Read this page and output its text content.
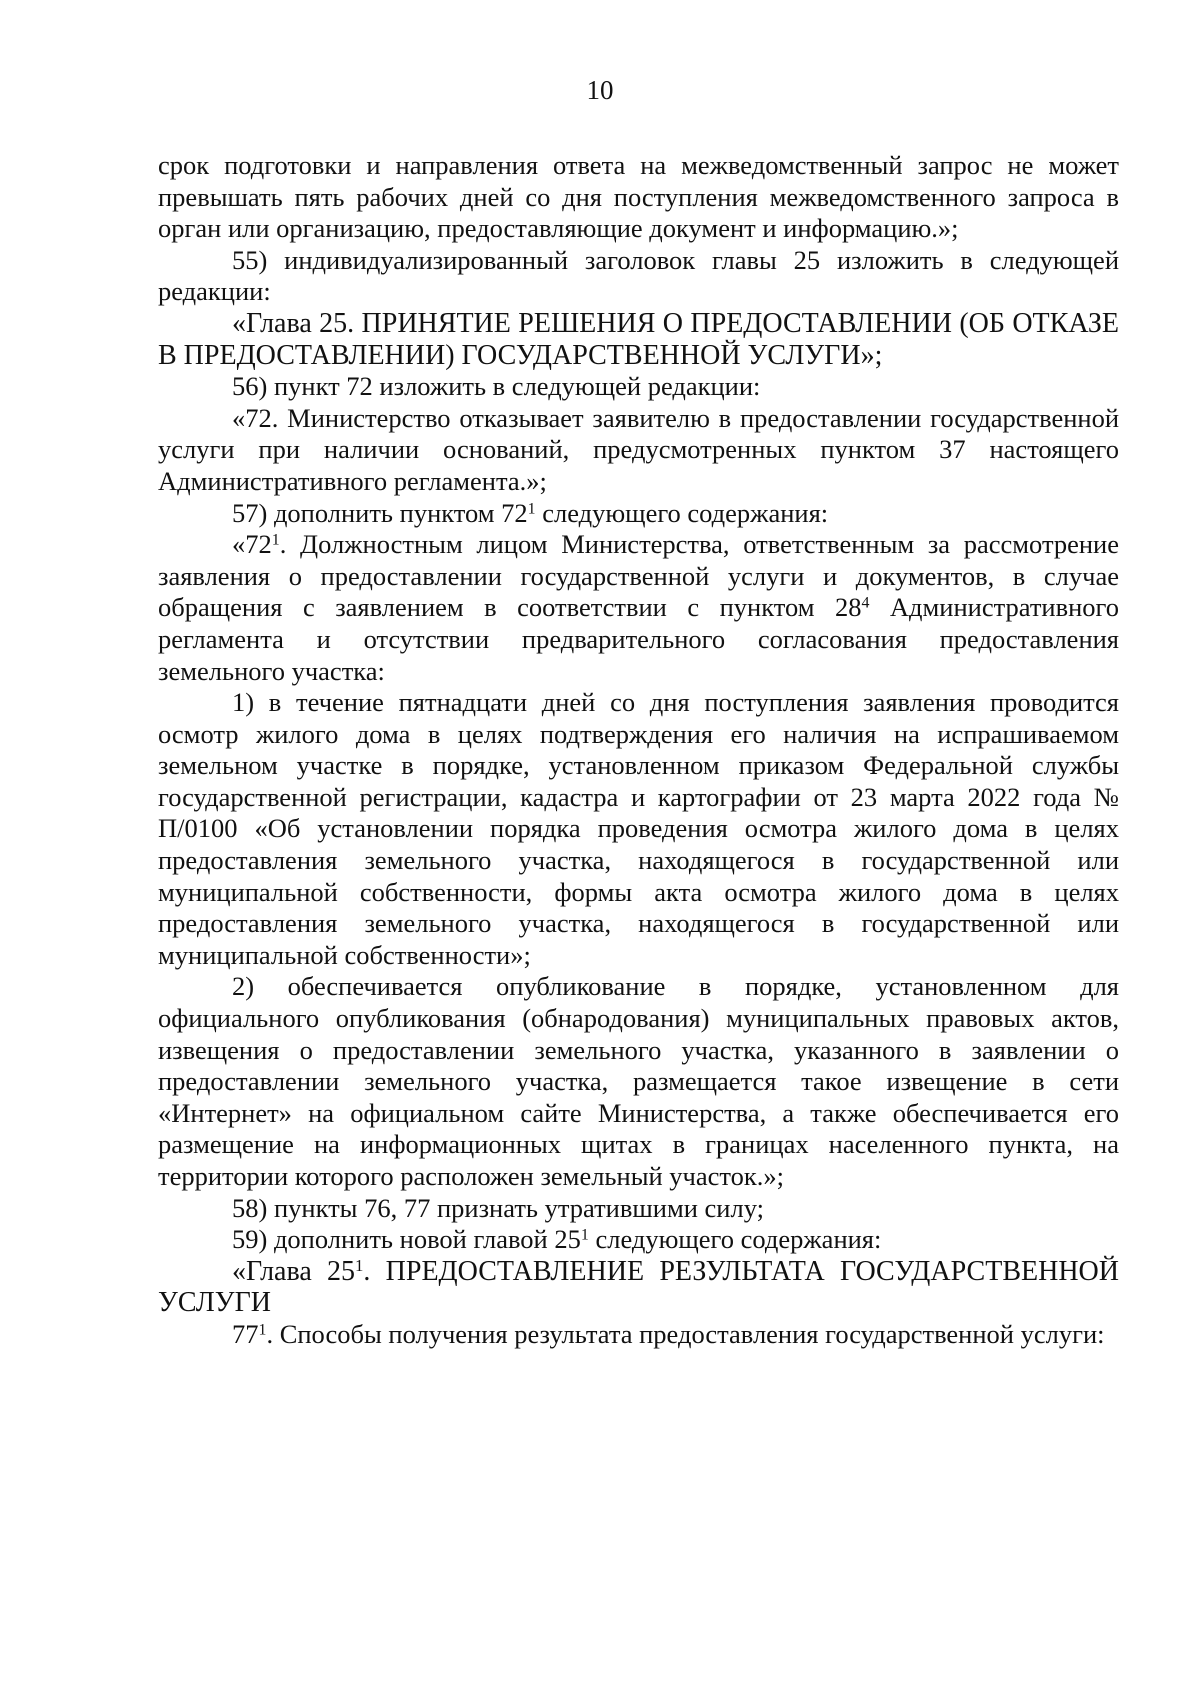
10

срок подготовки и направления ответа на межведомственный запрос не может превышать пять рабочих дней со дня поступления межведомственного запроса в орган или организацию, предоставляющие документ и информацию.»;

55) индивидуализированный заголовок главы 25 изложить в следующей редакции:

«Глава 25. ПРИНЯТИЕ РЕШЕНИЯ О ПРЕДОСТАВЛЕНИИ (ОБ ОТКАЗЕ В ПРЕДОСТАВЛЕНИИ) ГОСУДАРСТВЕННОЙ УСЛУГИ»;

56) пункт 72 изложить в следующей редакции:

«72. Министерство отказывает заявителю в предоставлении государственной услуги при наличии оснований, предусмотренных пунктом 37 настоящего Административного регламента.»;

57) дополнить пунктом $72^1$ следующего содержания:

«$72^1$. Должностным лицом Министерства, ответственным за рассмотрение заявления о предоставлении государственной услуги и документов, в случае обращения с заявлением в соответствии с пунктом $28^4$ Административного регламента и отсутствии предварительного согласования предоставления земельного участка:

1) в течение пятнадцати дней со дня поступления заявления проводится осмотр жилого дома в целях подтверждения его наличия на испрашиваемом земельном участке в порядке, установленном приказом Федеральной службы государственной регистрации, кадастра и картографии от 23 марта 2022 года № П/0100 «Об установлении порядка проведения осмотра жилого дома в целях предоставления земельного участка, находящегося в государственной или муниципальной собственности, формы акта осмотра жилого дома в целях предоставления земельного участка, находящегося в государственной или муниципальной собственности»;

2) обеспечивается опубликование в порядке, установленном для официального опубликования (обнародования) муниципальных правовых актов, извещения о предоставлении земельного участка, указанного в заявлении о предоставлении земельного участка, размещается такое извещение в сети «Интернет» на официальном сайте Министерства, а также обеспечивается его размещение на информационных щитах в границах населенного пункта, на территории которого расположен земельный участок.»;

58) пункты 76, 77 признать утратившими силу;

59) дополнить новой главой $25^1$ следующего содержания:

«Глава $25^1$. ПРЕДОСТАВЛЕНИЕ РЕЗУЛЬТАТА ГОСУДАРСТВЕННОЙ УСЛУГИ

$77^1$. Способы получения результата предоставления государственной услуги:
